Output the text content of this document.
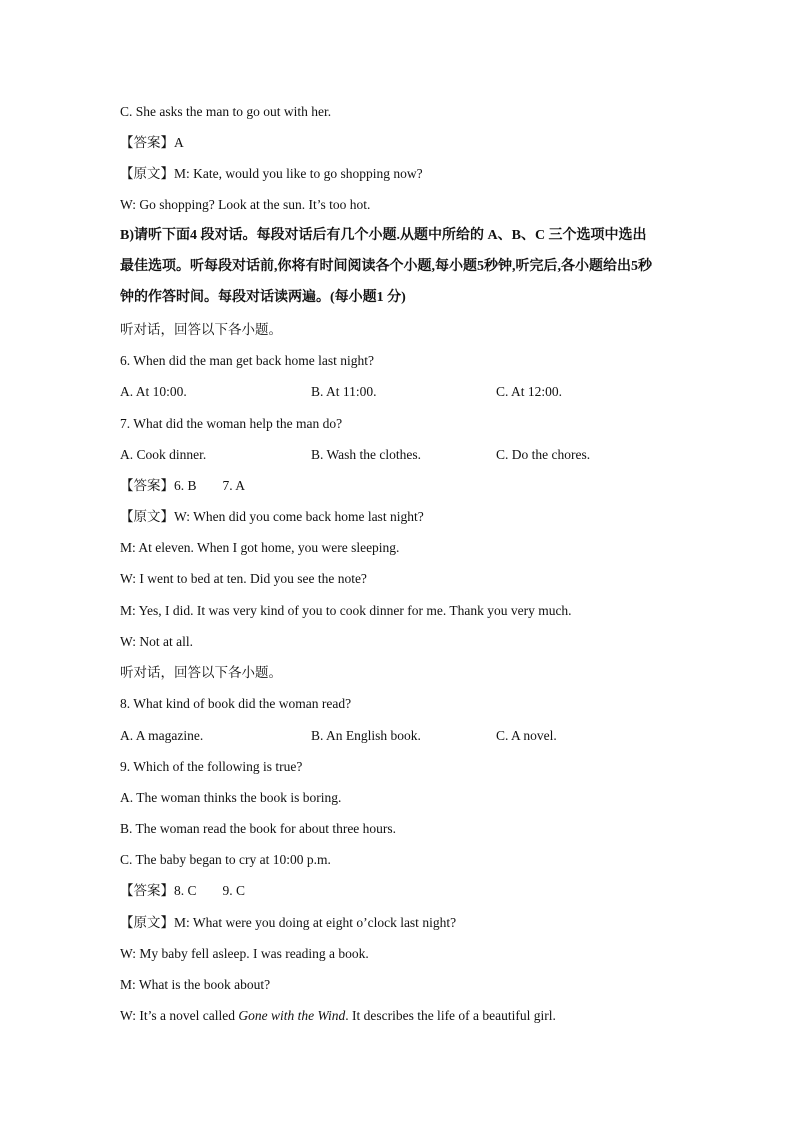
C. She asks the man to go out with her.
【答案】A
【原文】M: Kate, would you like to go shopping now?
W: Go shopping? Look at the sun. It’s too hot.
B)请听下面4 段对话。每段对话后有几个小题.从题中所给的 A、B、C 三个选项中选出
最佳选项。听每段对话前,你将有时间阅读各个小题,每小题5秒钟,听完后,各小题给出5秒
钟的作答时间。每段对话读两遍。(每小题1 分)
听对话，回答以下各小题。
6. When did the man get back home last night?
A. At 10:00.	B. At 11:00.	C. At 12:00.
7. What did the woman help the man do?
A. Cook dinner.	B. Wash the clothes.	C. Do the chores.
【答案】6. B 7. A
【原文】W: When did you come back home last night?
M: At eleven. When I got home, you were sleeping.
W: I went to bed at ten. Did you see the note?
M: Yes, I did. It was very kind of you to cook dinner for me. Thank you very much.
W: Not at all.
听对话，回答以下各小题。
8. What kind of book did the woman read?
A. A magazine.	B. An English book.	C. A novel.
9. Which of the following is true?
A. The woman thinks the book is boring.
B. The woman read the book for about three hours.
C. The baby began to cry at 10:00 p.m.
【答案】8. C 9. C
【原文】M: What were you doing at eight o’clock last night?
W: My baby fell asleep. I was reading a book.
M: What is the book about?
W: It’s a novel called Gone with the Wind. It describes the life of a beautiful girl.
